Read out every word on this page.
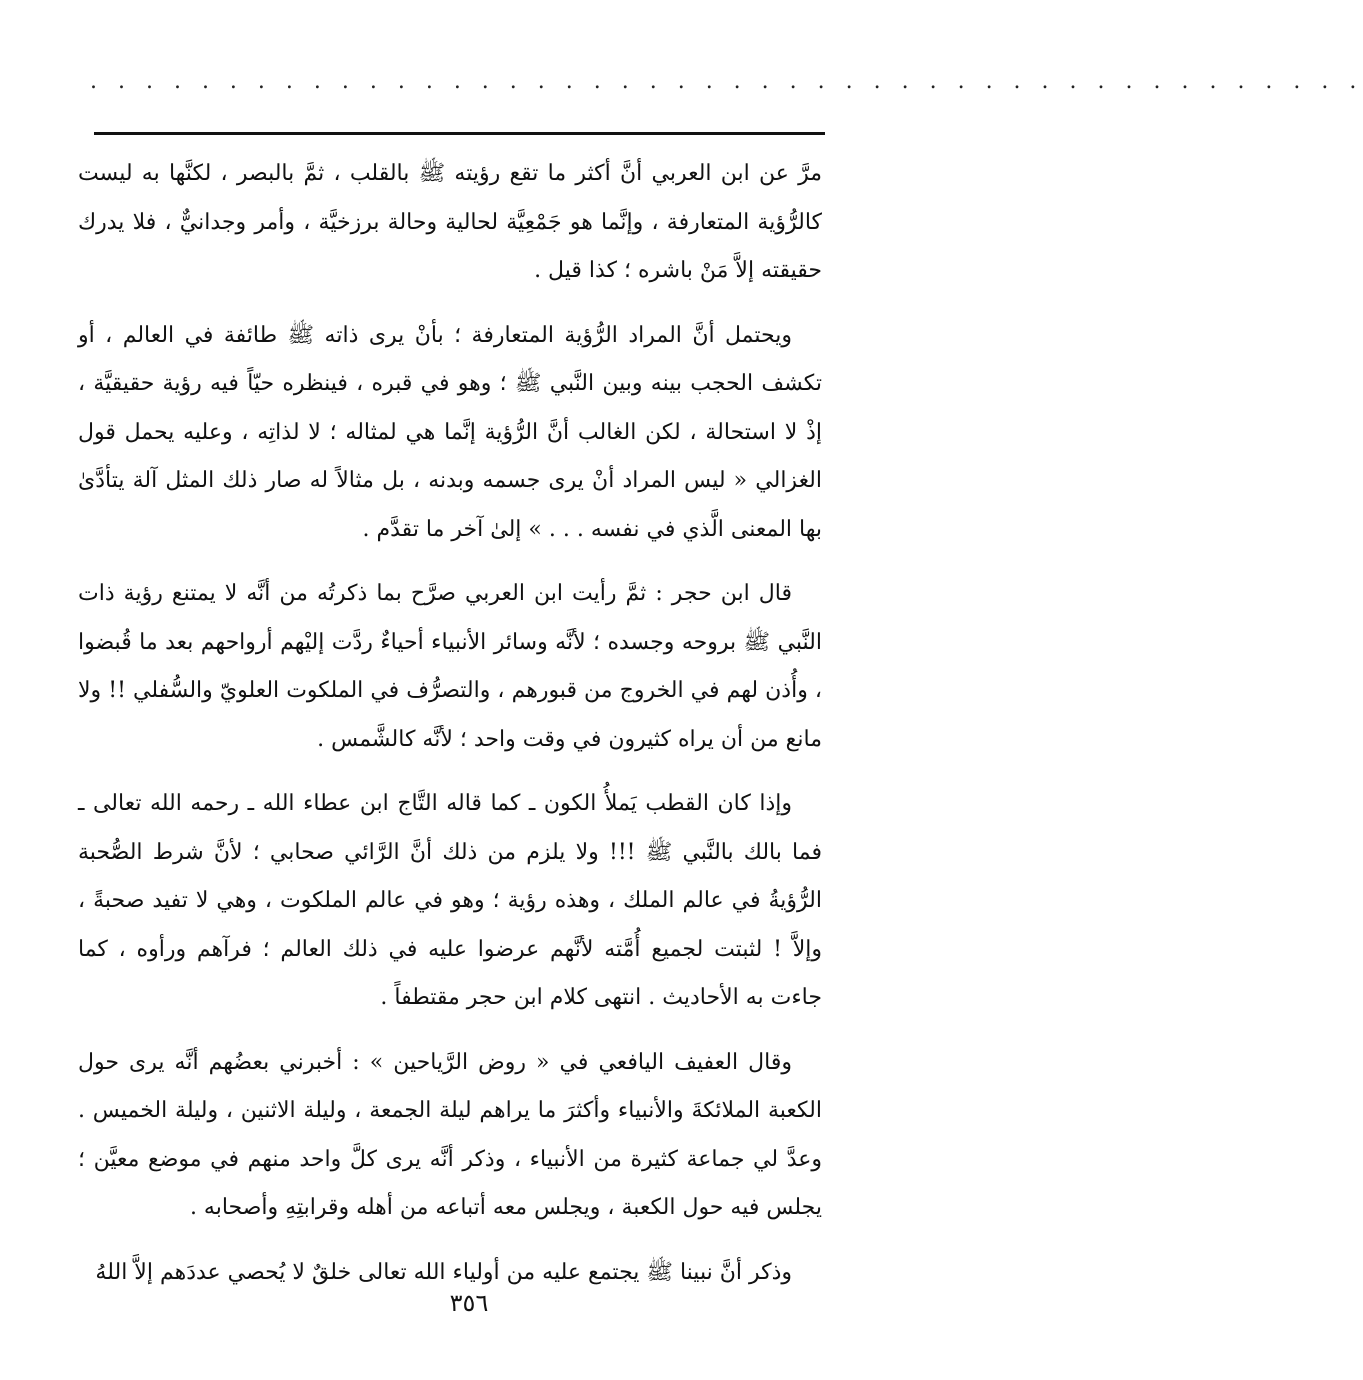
. . . . . . . . . . . . . . . . . . . . . . . . . . . . . . . . . . . . . . . . . . . . . .

مرَّ عن ابن العربي أنَّ أكثر ما تقع رؤيته ﷺ بالقلب ، ثمَّ بالبصر ، لكنَّها به ليست كالرُّؤية المتعارفة ، وإنَّما هو جَمْعِيَّة لحالية وحالة برزخيَّة ، وأمر وجدانيٌّ ، فلا يدرك حقيقته إلاَّ مَنْ باشره ؛ كذا قيل .

ويحتمل أنَّ المراد الرُّؤية المتعارفة ؛ بأنْ يرى ذاته ﷺ طائفة في العالم ، أو تكشف الحجب بينه وبين النَّبي ﷺ ؛ وهو في قبره ، فينظره حيّاً فيه رؤية حقيقيَّة ، إذْ لا استحالة ، لكن الغالب أنَّ الرُّؤية إنَّما هي لمثاله ؛ لا لذاتِه ، وعليه يحمل قول الغزالي « ليس المراد أنْ يرى جسمه وبدنه ، بل مثالاً له صار ذلك المثل آلة يتأدَّىٰ بها المعنى الَّذي في نفسه . . . » إلىٰ آخر ما تقدَّم .

قال ابن حجر : ثمَّ رأيت ابن العربي صرَّح بما ذكرتُه من أنَّه لا يمتنع رؤية ذات النَّبي ﷺ بروحه وجسده ؛ لأنَّه وسائر الأنبياء أحياءٌ ردَّت إليْهم أرواحهم بعد ما قُبضوا ، وأُذن لهم في الخروج من قبورهم ، والتصرُّف في الملكوت العلويّ والسُّفلي !! ولا مانع من أن يراه كثيرون في وقت واحد ؛ لأنَّه كالشَّمس .

وإذا كان القطب يَملأُ الكون ـ كما قاله التَّاج ابن عطاء الله ـ رحمه الله تعالى ـ فما بالك بالنَّبي ﷺ !!! ولا يلزم من ذلك أنَّ الرَّائي صحابي ؛ لأنَّ شرط الصُّحبة الرُّؤيةُ في عالم الملك ، وهذه رؤية ؛ وهو في عالم الملكوت ، وهي لا تفيد صحبةً ، وإلاَّ ! لثبتت لجميع أُمَّته لأنَّهم عرضوا عليه في ذلك العالم ؛ فرآهم ورأوه ، كما جاءت به الأحاديث . انتهى كلام ابن حجر مقتطفاً .

وقال العفيف اليافعي في « روض الرَّياحين » : أخبرني بعضُهم أنَّه يرى حول الكعبة الملائكةَ والأنبياء وأكثرَ ما يراهم ليلة الجمعة ، وليلة الاثنين ، وليلة الخميس . وعدَّ لي جماعة كثيرة من الأنبياء ، وذكر أنَّه يرى كلَّ واحد منهم في موضع معيَّن ؛ يجلس فيه حول الكعبة ، ويجلس معه أتباعه من أهله وقرابتِهِ وأصحابه .

وذكر أنَّ نبينا ﷺ يجتمع عليه من أولياء الله تعالى خلقٌ لا يُحصي عددَهم إلاَّ اللهُ

٣٥٦
